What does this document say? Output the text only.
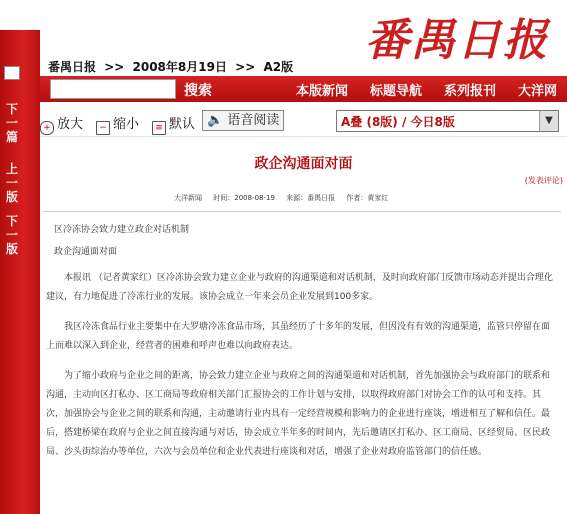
下一篇
上一版
下一版
番禺日报
番禺日报 >> 2008年8月19日 >> A2版
搜索	本版新闻 标题导航 系列报刊 大洋网
+ 放大	− 缩小	≡ 默认 🔈 语音阅读	A叠 (8版) / 今日8版	▼
政企沟通面对面
(发表评论)
大洋新闻 时间：2008-08-19 来源：番禺日报 作者：黄家红
区冷冻协会致力建立政企对话机制
政企沟通面对面
本报讯 （记者黄家红）区冷冻协会致力建立企业与政府的沟通渠道和对话机制，及时向政府部门反馈市场动态并提出合理化建议，有力地促进了冷冻行业的发展。该协会成立一年来会员企业发展到100多家。
我区冷冻食品行业主要集中在大罗塘冷冻食品市场，其虽经历了十多年的发展，但因没有有效的沟通渠道，监管只停留在面上而难以深入到企业，经营者的困难和呼声也难以向政府表达。
为了缩小政府与企业之间的距离，协会致力建立企业与政府之间的沟通渠道和对话机制，首先加强协会与政府部门的联系和沟通，主动向区打私办、区工商局等政府相关部门汇报协会的工作计划与安排，以取得政府部门对协会工作的认可和支持。其次，加强协会与企业之间的联系和沟通，主动邀请行业内具有一定经营规模和影响力的企业进行座谈，增进相互了解和信任。最后，搭建桥梁在政府与企业之间直接沟通与对话，协会成立半年多的时间内，先后邀请区打私办、区工商局、区经贸局、区民政局、沙头街综治办等单位，六次与会员单位和企业代表进行座谈和对话，增强了企业对政府监管部门的信任感。
